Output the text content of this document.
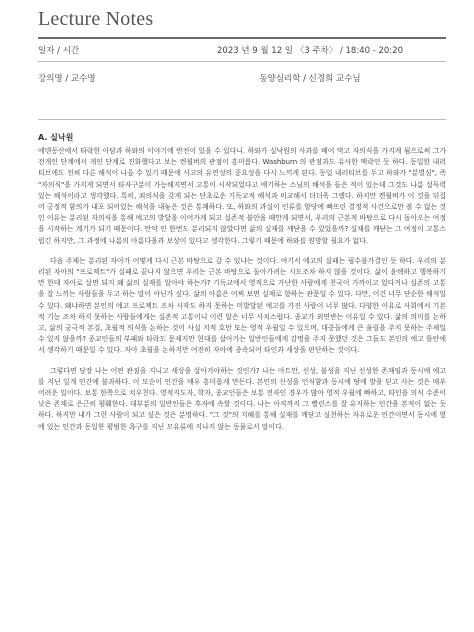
Lecture Notes
일자 / 시간	2023 년 9 월 12 일 〈3 주차〉 / 18:40 - 20:20
강의명 / 교수명	동양심리학 / 신경희 교수님
A. 실낙원

에덴동산에서 타락한 아담과 하와의 이야기에 반전이 있을 수 있다니. 하와가 실낙원의 사과를 베어 먹고 자의식을 가지게 됨으로써 그가 전개인 단계에서 개인 단계로 진화했다고 보는 켄윌버의 관점이 흥미롭다. Washburn 의 관점과도 유사한 맥락인 듯 하다. 동일한 내러티브에도 전혀 다른 해석이 나올 수 있기 때문에 사고의 유연성의 중요성을 다시 느끼게 된다. 동일 내러티브를 두고 하와가 "분별심", 즉 "자의식"을 가지게 되면서 타자구분이 가능해지면서 고통이 시작되었다고 얘기하는 스님의 해석을 들은 적이 있는데 그것도 나름 설득력있는 해석이라고 생각했다. 특히, 죄의식을 갖게 되는 단초로운 기독교적 해석과 비교해서 더더욱 그랬다. 하지만 켄윌버가 이 것을 뒤집어 긍정적 함의가 내포 되어있는 해석을 내놓은 것은 통쾌하다. 또, 하와의 과실이 인류를 할당에 빠뜨린 결정적 사건으로만 볼 수 없는 것인 이유는 분리된 자의식을 통해 에고의 발달을 이어가게 되고 실존적 불안을 때만게 되면서, 우리의 근본적 바탕으로 다시 돌아오는 여정을 시작하는 계기가 되기 때문이다. 만약 인 한번도 분리되지 않았다면 삶의 실재를 깨닫을 수 있었을까? 실재를 깨닫는 그 여정이 고통스럽긴 하지만, 그 과정에 나름의 아름다움과 보상이 있다고 생각한다. 그렇기 때문에 하와를 원망할 필요가 없다.

다음 주제는 분리된 자아가 어떻게 다시 근본 바탕으로 갈 수 있냐는 것이다. 여기서 에고의 실패는 필수불가결인 듯 하다. 우리의 분리된 자아의 "프로젝트"가 실패로 끝나지 않으면 우리는 근본 바탕으로 돌아가려는 시도조차 하지 않을 것이다. 삶이 윤택하고 행복하기만 한데 자아로 살면 되지 왜 삶의 실재를 알아야 하는가? 기독교에서 영적으로 가난한 사람에게 천국이 가까이고 있다거나 실존의 고통을 잘 느끼는 사람들을 두고 하는 말이 아닌가 싶다. 삶의 아름은 어찌 보면 실재로 향하는 관문일 수 있다. 다만, 이건 너무 단순한 해석일 수 있다. 왜냐하면 본인의 에고 프로젝트 조차 시작도 하지 못하는 미발달된 에고를 가진 사람이 너무 많다. 다양한 이유로 사회에서 기본적 기능 조차 하지 못하는 사람들에게는 실존적 고통이니 이런 말은 너무 사치스럽다. 종교가 외면받는 이유일 수 있다. 삶의 의미를 논하고, 삶의 궁극적 본질, 초월적 의식을 논하는 것이 사실 지적 호만 또는 영적 우월일 수 있으며, 대중들에게 큰 울림을 주지 못하는 주제일 수 있지 않을까? 종교인들의 부패와 타락도 문제지만 현대를 살아가는 일반인들에게 감명을 주지 못했던 것은 그들도 본인의 에고 틀안에서 생각하기 때문일 수 있다. 자아 초월을 논하지만 여전히 자아에 종속되어 타인과 세상을 판단하는 것이다.

그렇다면 당장 나는 어떤 관점을 지니고 세상을 살아가야하는 것인가? 나는 아트만, 신성, 불성을 지닌 신성한 존재임과 동시에 에고를 지닌 일개 인간에 불과하다. 이 모순이 인간을 매우 흥미롭게 만든다. 본인의 신성을 인식함과 동시에 땅에 발을 딛고 사는 것은 매우 어려운 일이다. 보통 한쪽으로 치우친다. 영적지도자, 학자, 종교인들은 보통 전자인 경우가 많아 영적 우월에 빠하고, 타인을 의식 수준이 낮은 존재로 은근히 폄훼한다. 대부분의 일반인들은 후자에 속할 것이다. 나는 아직까지 그 빨린스를 잘 유지하는 인간을 본적이 없는 듯 하다. 하지만 내가 그런 사람이 되고 싶은 것은 분명하다. "그 것"의 지혜를 통해 실재를 깨닫고 실천하는 자유로운 인간이면서 동시에 옆에 있는 인간과 동일한 평범한 욕구를 지닌 모유류에 지나지 않는 동물로서 말이다.
